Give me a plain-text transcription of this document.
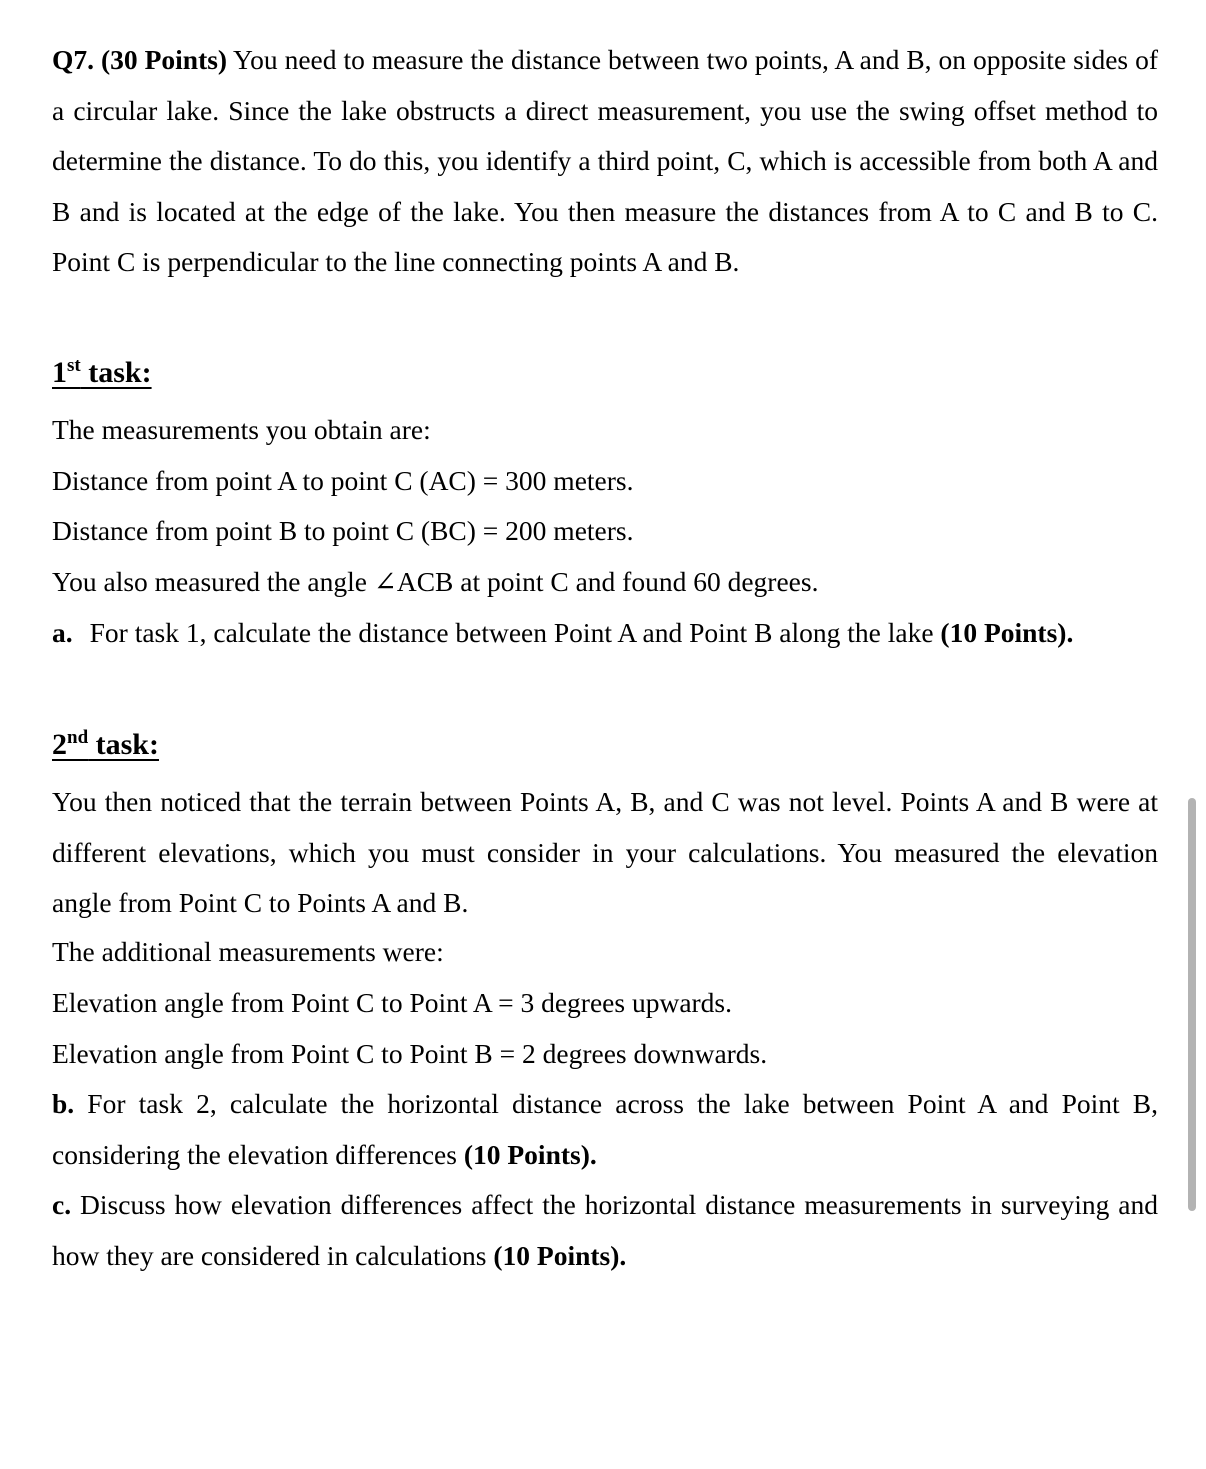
Q7. (30 Points) You need to measure the distance between two points, A and B, on opposite sides of a circular lake. Since the lake obstructs a direct measurement, you use the swing offset method to determine the distance. To do this, you identify a third point, C, which is accessible from both A and B and is located at the edge of the lake. You then measure the distances from A to C and B to C. Point C is perpendicular to the line connecting points A and B.
1st task:
The measurements you obtain are:
Distance from point A to point C (AC) = 300 meters.
Distance from point B to point C (BC) = 200 meters.
You also measured the angle ∠ACB at point C and found 60 degrees.
a. For task 1, calculate the distance between Point A and Point B along the lake (10 Points).
2nd task:
You then noticed that the terrain between Points A, B, and C was not level. Points A and B were at different elevations, which you must consider in your calculations. You measured the elevation angle from Point C to Points A and B.
The additional measurements were:
Elevation angle from Point C to Point A = 3 degrees upwards.
Elevation angle from Point C to Point B = 2 degrees downwards.
b. For task 2, calculate the horizontal distance across the lake between Point A and Point B, considering the elevation differences (10 Points).
c. Discuss how elevation differences affect the horizontal distance measurements in surveying and how they are considered in calculations (10 Points).
